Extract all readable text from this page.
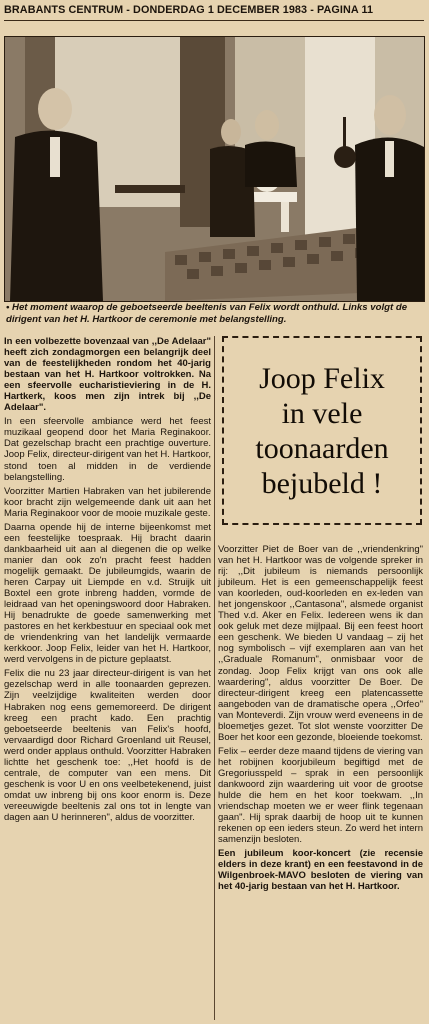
BRABANTS CENTRUM - DONDERDAG 1 DECEMBER 1983 - PAGINA 11
• Het moment waarop de geboetseerde beeltenis van Felix wordt onthuld. Links volgt de dirigent van het H. Hartkoor de ceremonie met belangstelling.

In een volbezette bovenzaal van ,,De Adelaar" heeft zich zondagmorgen een belangrijk deel van de feestelijkheden rondom het 40-jarig bestaan van het H. Hartkoor voltrokken. Na een sfeervolle eucharistieviering in de H. Hartkerk, koos men zijn intrek bij ,,De Adelaar".

In een sfeervolle ambiance werd het feest muzikaal geopend door het Maria Reginakoor. Dat gezelschap bracht een prachtige ouverture. Joop Felix, directeur-dirigent van het H. Hartkoor, stond toen al midden in de verdiende belangstelling.

Voorzitter Martien Habraken van het jubilerende koor bracht zijn welgemeende dank uit aan het Maria Reginakoor voor de mooie muzikale geste.

Daarna opende hij de interne bijeenkomst met een feestelijke toespraak. Hij bracht daarin dankbaarheid uit aan al diegenen die op welke manier dan ook zo'n pracht feest hadden mogelijk gemaakt. De jubileumgids, waarin de heren Carpay uit Liempde en v.d. Struijk uit Boxtel een grote inbreng hadden, vormde de leidraad van het openingswoord door Habraken. Hij benadrukte de goede samenwerking met pastores en het kerkbestuur en speciaal ook met de vriendenkring van het landelijk vermaarde kerkkoor. Joop Felix, leider van het H. Hartkoor, werd vervolgens in de picture geplaatst.

Felix die nu 23 jaar directeur-dirigent is van het gezelschap werd in alle toonaarden geprezen. Zijn veelzijdige kwaliteiten werden door Habraken nog eens gememoreerd. De dirigent kreeg een pracht kado. Een prachtig geboetseerde beeltenis van Felix's hoofd, vervaardigd door Richard Groenland uit Reusel, werd onder applaus onthuld. Voorzitter Habraken lichtte het geschenk toe: ,,Het hoofd is de centrale, de computer van een mens. Dit geschenk is voor U en ons veelbetekenend, juist omdat uw inbreng bij ons koor enorm is. Deze vereeuwigde beeltenis zal ons tot in lengte van dagen aan U herinneren", aldus de voorzitter.

Joop Felix
in vele
toonaarden
bejubeld !

Voorzitter Piet de Boer van de ,,vriendenkring" van het H. Hartkoor was de volgende spreker in rij: ,,Dit jubileum is niemands persoonlijk jubileum. Het is een gemeenschappelijk feest van koorleden, oud-koorleden en ex-leden van het jongenskoor ,,Cantasona", alsmede organist Thed v.d. Aker en Felix. Iedereen wens ik dan ook geluk met deze mijlpaal. Bij een feest hoort een geschenk. We bieden U vandaag – zij het nog symbolisch – vijf exemplaren aan van het ,,Graduale Romanum", onmisbaar voor de zondag. Joop Felix krijgt van ons ook alle waardering", aldus voorzitter De Boer. De directeur-dirigent kreeg een platencassette aangeboden van de dramatische opera ,,Orfeo" van Monteverdi. Zijn vrouw werd eveneens in de bloemetjes gezet. Tot slot wenste voorzitter De Boer het koor een gezonde, bloeiende toekomst.

Felix – eerder deze maand tijdens de viering van het robijnen koorjubileum begiftigd met de Gregoriusspeld – sprak in een persoonlijk dankwoord zijn waardering uit voor de grootse hulde die hem en het koor toekwam. ,,In vriendschap moeten we er weer flink tegenaan gaan". Hij sprak daarbij de hoop uit te kunnen rekenen op een ieders steun. Zo werd het intern samenzijn besloten.

Een jubileum koor-koncert (zie recensie elders in deze krant) en een feestavond in de Wilgenbroek-MAVO besloten de viering van het 40-jarig bestaan van het H. Hartkoor.
